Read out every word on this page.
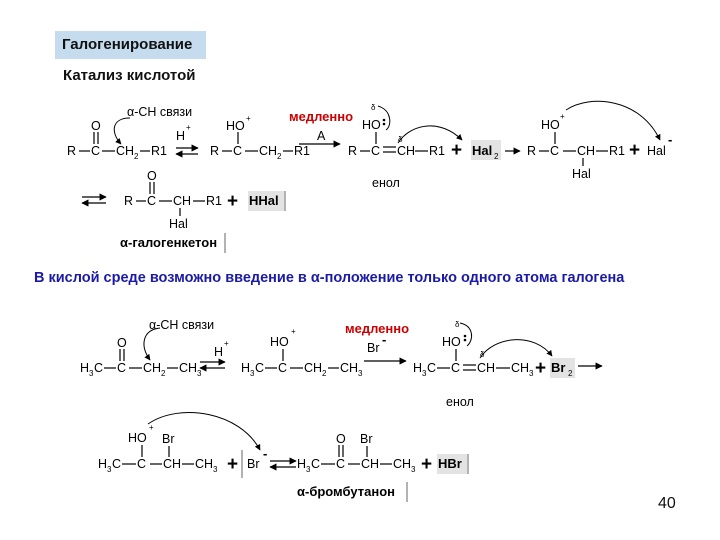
Галогенирование
Катализ кислотой
R C
O
CH 2 R1
α-CH связи
H
+
R C
HO
+
CH 2 R1
медленно
A
R C
HO
δ
δ
CH R1
енол
+ Hal 2 R C
HO
+
CH
Hal
R1 + Hal
-
R C
O
CH
Hal
R1 + HHal
α-галогенкетон
H 3 C C
O
CH 2 CH 3
α-CH связи
H
+
H 3 C C
HO
+
CH 2 CH 3
медленно
Br
-
H 3 C C
HO
δ
δ
CH CH 3
енол
+ Br 2
H 3 C C
HO
+
CH
Br
CH 3 + Br
-
H 3 C C
O
CH
Br
CH 3 + HBr
α-бромбутанон
В кислой среде возможно введение в α-положение только одного атома галогена
40
